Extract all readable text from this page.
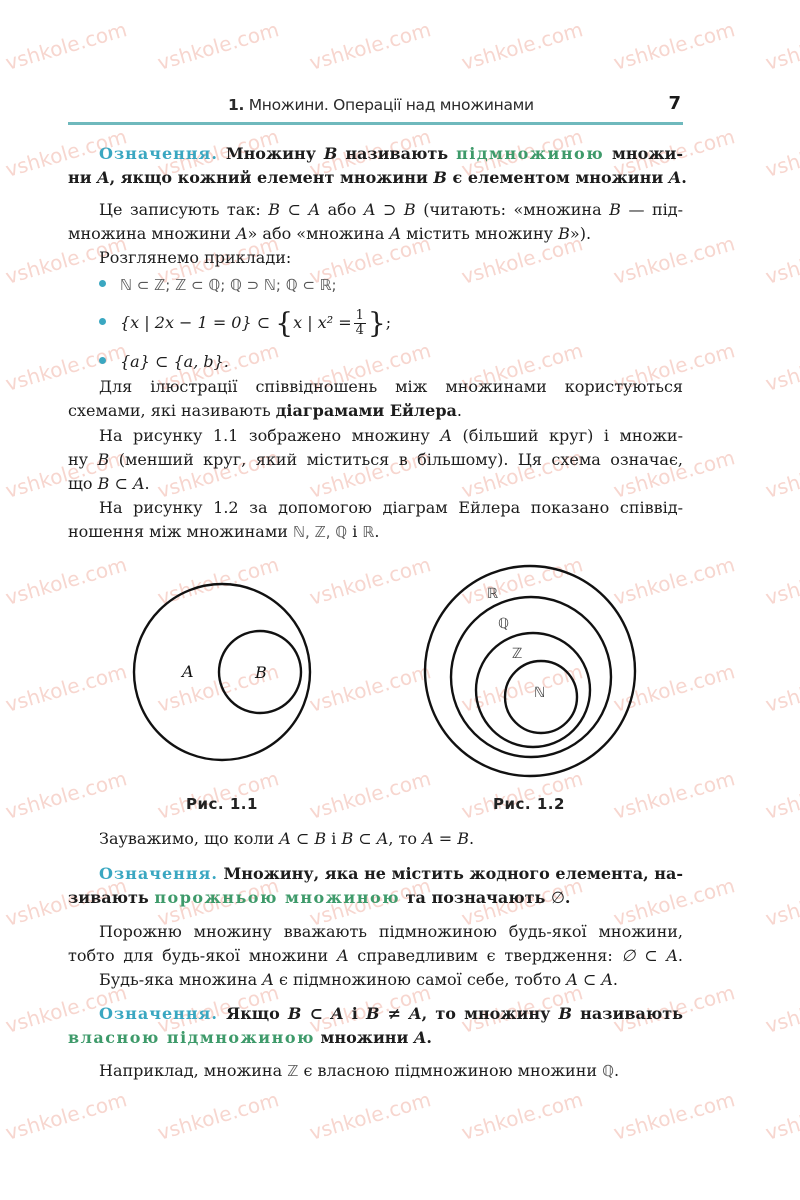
1. Множини. Операції над множинами	7
Означення. Множину B називають підмножиною множи-
ни A, якщо кожний елемент множини B є елементом множини A.
Це записують так: B ⊂ A або A ⊃ B (читають: «множина B — під-
множина множини A» або «множина A містить множину B»).
Розглянемо приклади:
ℕ ⊂ ℤ; ℤ ⊂ ℚ; ℚ ⊃ ℕ; ℚ ⊂ ℝ;
{x | 2x − 1 = 0} ⊂ {x | $x^2 = \frac{1}{4}$ };
{a} ⊂ {a, b}.
Для ілюстрації співвідношень між множинами користуються
схемами, які називають діаграмами Ейлера.
На рисунку 1.1 зображено множину A (більший круг) і множи-
ну B (менший круг, який міститься в більшому). Ця схема означає,
що B ⊂ A.
На рисунку 1.2 за допомогою діаграм Ейлера показано співвід-
ношення між множинами ℕ, ℤ, ℚ і ℝ.
A	B
ℝ
ℚ
ℤ
ℕ
Рис. 1.1	Рис. 1.2
Зауважимо, що коли A ⊂ B і B ⊂ A, то A = B.
Означення. Множину, яка не містить жодного елемента, на-
зивають порожньою множиною та позначають ∅.
Порожню множину вважають підмножиною будь-якої множини,
тобто для будь-якої множини A справедливим є твердження: ∅ ⊂ A.
Будь-яка множина A є підмножиною самої себе, тобто A ⊂ A.
Означення. Якщо B ⊂ A і B ≠ A, то множину B називають
власною підмножиною множини A.
Наприклад, множина ℤ є власною підмножиною множини ℚ.
